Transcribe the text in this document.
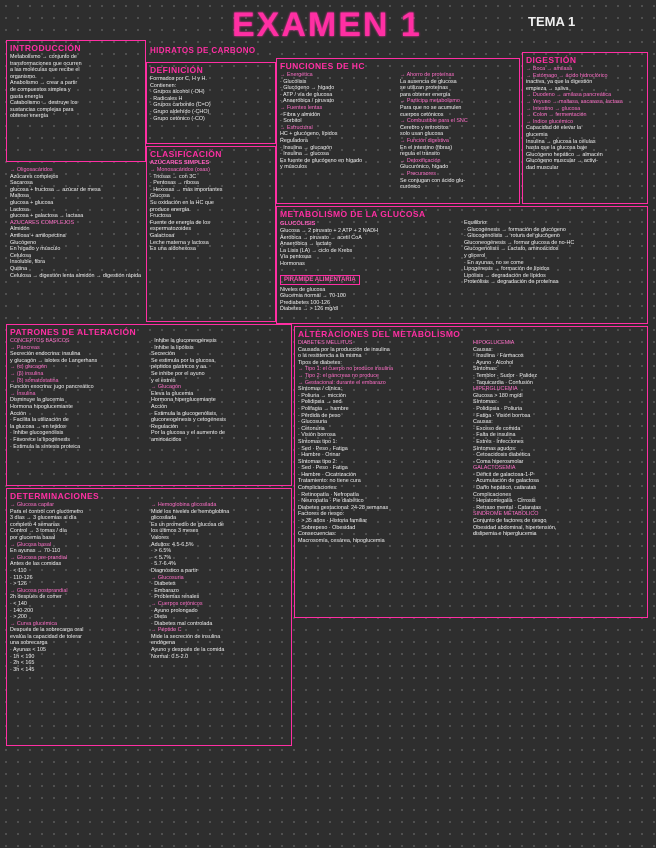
EXAMEN 1	TEMA 1
HIDRATOS DE CARBONO
INTRODUCCIÓN
Metabolismo → conjunto de
transformaciones que ocurren
a las moléculas que recibe el
organismo.
Anabolismo → crear a partir
de compuestos simples y
gasta energía
Catabolismo → destruye los
sustancias complejas para
obtener energía
→ Oligosacáridos
Azúcares complejos
Sacarosa
glucosa + fructosa → azúcar de mesa
Maltosa
glucosa + glucosa
Lactosa
glucosa + galactosa → lactasa
AZÚCARES COMPLEJOS
Almidón
Amilosa + amilopectina
Glucógeno
En hígado y músculo
Celulosa
Insoluble, fibra
Quitina
Celulosa → digestión lenta almidón → digestión rápida
DEFINICIÓN
Formados por C, H y H.
Contienen:
· Grupos alcohol (-OH)
· Radicales H
· Grupos carbonilo (C=O)
· Grupo aldehído (-CHO)
· Grupo cetónico (-CO)
CLASIFICACIÓN
AZÚCARES SIMPLES
→ Monosacáridos (osas)
· Triosas → con 3C
· Pentosas → ribosa
· Hexosas → más importantes
Glucosa
Su oxidación en la HC que
produce energía.
Fructosa
Fuente de energía de los
espermatozoides
Galactosa
Leche materna y lactosa
Es una aldohexosa
FUNCIONES DE HC
→ Energética
· Glucólisis
· Glucógeno → hígado
· ATP / vía de glucosa
· Anaeróbica / piruvato
→ Fuentes lentas
· Fibra y almidón
· Sorbitol
→ Estructural
HC + glucógeno, lípidos
Reguladora
· Insulina → glucagón
· Insulina → glucosa
Es fuente de glucógeno en hígado
y músculos
→ Ahorro de proteínas
La ausencia de glucosa
se utilizan proteínas
para obtener energía
→ Participa metabolismo
Para que no se acumulen
cuerpos cetónicos
→ Combustible para el SNC
Cerebro y eritrocitos
solo usan glucosa
→ Función digestiva
En el intestino (fibras)
regula el tránsito
→ Detoxificación
Glucurónico, hígado
→ Precursores
Se conjugan con ácido glu-
curónico
DIGESTIÓN
→ Boca → amilasa
→ Estómago → ácido hidroclórico
inactiva, ya que la digestión
empieza → saliva
→ Duodeno → amilasa pancreática
→ Yeyuno → maltasa, sacarasa, lactasa
→ Intestino → glucosa
→ Colon → fermentación
→ Índice glucémico
Capacidad de elevar la
glucemia
Insulina → glucosa la células
hasta que la glucosa baje
Glucógeno hepático → almacén
Glucógeno muscular → activi-
dad muscular
METABOLISMO DE LA GLUCOSA
GLUCÓLISIS
Glucosa → 2 piruvato + 2 ATP + 2 NADH
Aeróbica → piruvato → acetil CoA
Anaeróbica → lactato
La Lisis (LA) → ciclo de Krebs
Vía pentosas
Hormonas
PIRÁMIDE ALIMENTARIA
Niveles de glucosa
Glucemia normal → 70-100
Prediabetes 100-126
Diabetes → > 126 mg/dl
Equilibrio:
· Glucogénesis → formación de glucógeno
· Glucogenólisis → rotura del glucógeno
Gluconeogénesis → formar glucosa de no-HC
Glucogenólisis → Lactato, aminoácidos
y glicerol
· En ayunas, no se come
Lipogénesis → formación de lípidos
Lipólisis → degradación de lípidos
Proteólisis → degradación de proteínas
PATRONES DE ALTERACIÓN
CONCEPTOS BÁSICOS
→ Páncreas
Secreción endocrina: insulina
y glucagón → islotes de Langerhans
→ (α) glucagón
→ (β) insulina
→ (δ) somatostatina
Función exocrina: jugo pancreático
→ Insulina
Disminuye la glucemia
Hormona hipoglucemiante
Acción
· Facilita la utilización de
la glucosa → en tejidos
· Inhibe glucogenólisis
· Favorece la lipogénesis
· Estimula la síntesis proteica
· Inhibe la gluconeogénesis
· Inhibe la lipólisis
Secreción
Se estimula por la glucosa,
péptidos gástricos y aa.
Se inhibe por el ayuno
y el estrés
→ Glucagón
Eleva la glucemia
Hormona hiperglucemiante
Acción
· Estimula la glucogenólisis,
gluconeogénesis y cetogénesis
Regulación
Por la glucosa y el aumento de
aminoácidos
DETERMINACIONES
→ Glucosa capilar
Para el control con glucómetro
3 días → 3 glucemias al día
completo 4 semanas
Control → 3 tomas / día
por glucemia basal
→ Glucosa basal
En ayunas → 70-110
→ Glucosa pre-prandial
Antes de las comidas
· < 110
· 110-126
· > 126
→ Glucosa postprandial
2h después de comer
· < 140
· 140-200
· > 200
→ Curva glucémica
Después de la sobrecarga oral
evalúa la capacidad de tolerar
una sobrecarga
· Ayunas < 105
· 1h < 190
· 2h < 165
· 3h < 145
→ Hemoglobina glicosilada
Mide los niveles de hemoglobina
glicosilada
Es un promedio de glucosa de
los últimos 3 meses
Valores
Adultos: 4.5-6.5%
· > 6.5%
· < 5.7%
· 5.7-6.4%
Diagnóstico a partir
→ Glucosuria
· Diabetes
· Embarazo
· Problemas renales
→ Cuerpos cetónicos
· Ayuno prolongado
· Dieta
· Diabetes mal controlada
→ Péptido C
Mide la secreción de insulina
endógena
Ayuno y después de la comida
Normal: 0.5-2.0
ALTERACIONES DEL METABOLISMO
DIABETES MELLITUS
Causada por la producción de insulina
o la resistencia a la misma
Tipos de diabetes:
→ Tipo 1: el cuerpo no produce insulina
→ Tipo 2: el páncreas no produce
→ Gestacional: durante el embarazo
Síntomas / clínica:
· Poliuria → micción
· Polidipsia → sed
· Polifagia → hambre
· Pérdida de peso
· Glucosuria
· Cetonuria
· Visión borrosa
Síntomas tipo 1:
· Sed · Peso · Fatiga
· Hambre · Orinar
Síntomas tipo 2:
· Sed · Peso · Fatiga
· Hambre · Cicatrización
Tratamiento: no tiene cura
Complicaciones:
· Retinopatía · Nefropatía
· Neuropatía · Pie diabético
Diabetes gestacional: 24-28 semanas
Factores de riesgo:
· > 35 años · Historia familiar
· Sobrepeso · Obesidad
Consecuencias:
Macrosomía, cesárea, hipoglucemia
HIPOGLUCEMIA
Causas:
· Insulina · Fármacos
· Ayuno · Alcohol
Síntomas:
· Temblor · Sudor · Palidez
· Taquicardia · Confusión
HIPERGLUCEMIA
Glucosa > 180 mg/dl
Síntomas:
· Polidipsia · Poliuria
· Fatiga · Visión borrosa
Causas:
· Exceso de comida
· Falta de insulina
· Estrés · Infecciones
Síntomas agudos:
· Cetoacidosis diabética
· Coma hiperosmolar
GALACTOSEMIA
· Déficit de galactosa-1-P
· Acumulación de galactosa
· Daño hepático, cataratas
Complicaciones
· Hepatomegalia · Cirrosis
· Retraso mental · Cataratas
SÍNDROME METABÓLICO
Conjunto de factores de riesgo
Obesidad abdominal, hipertensión,
dislipemia e hiperglucemia
